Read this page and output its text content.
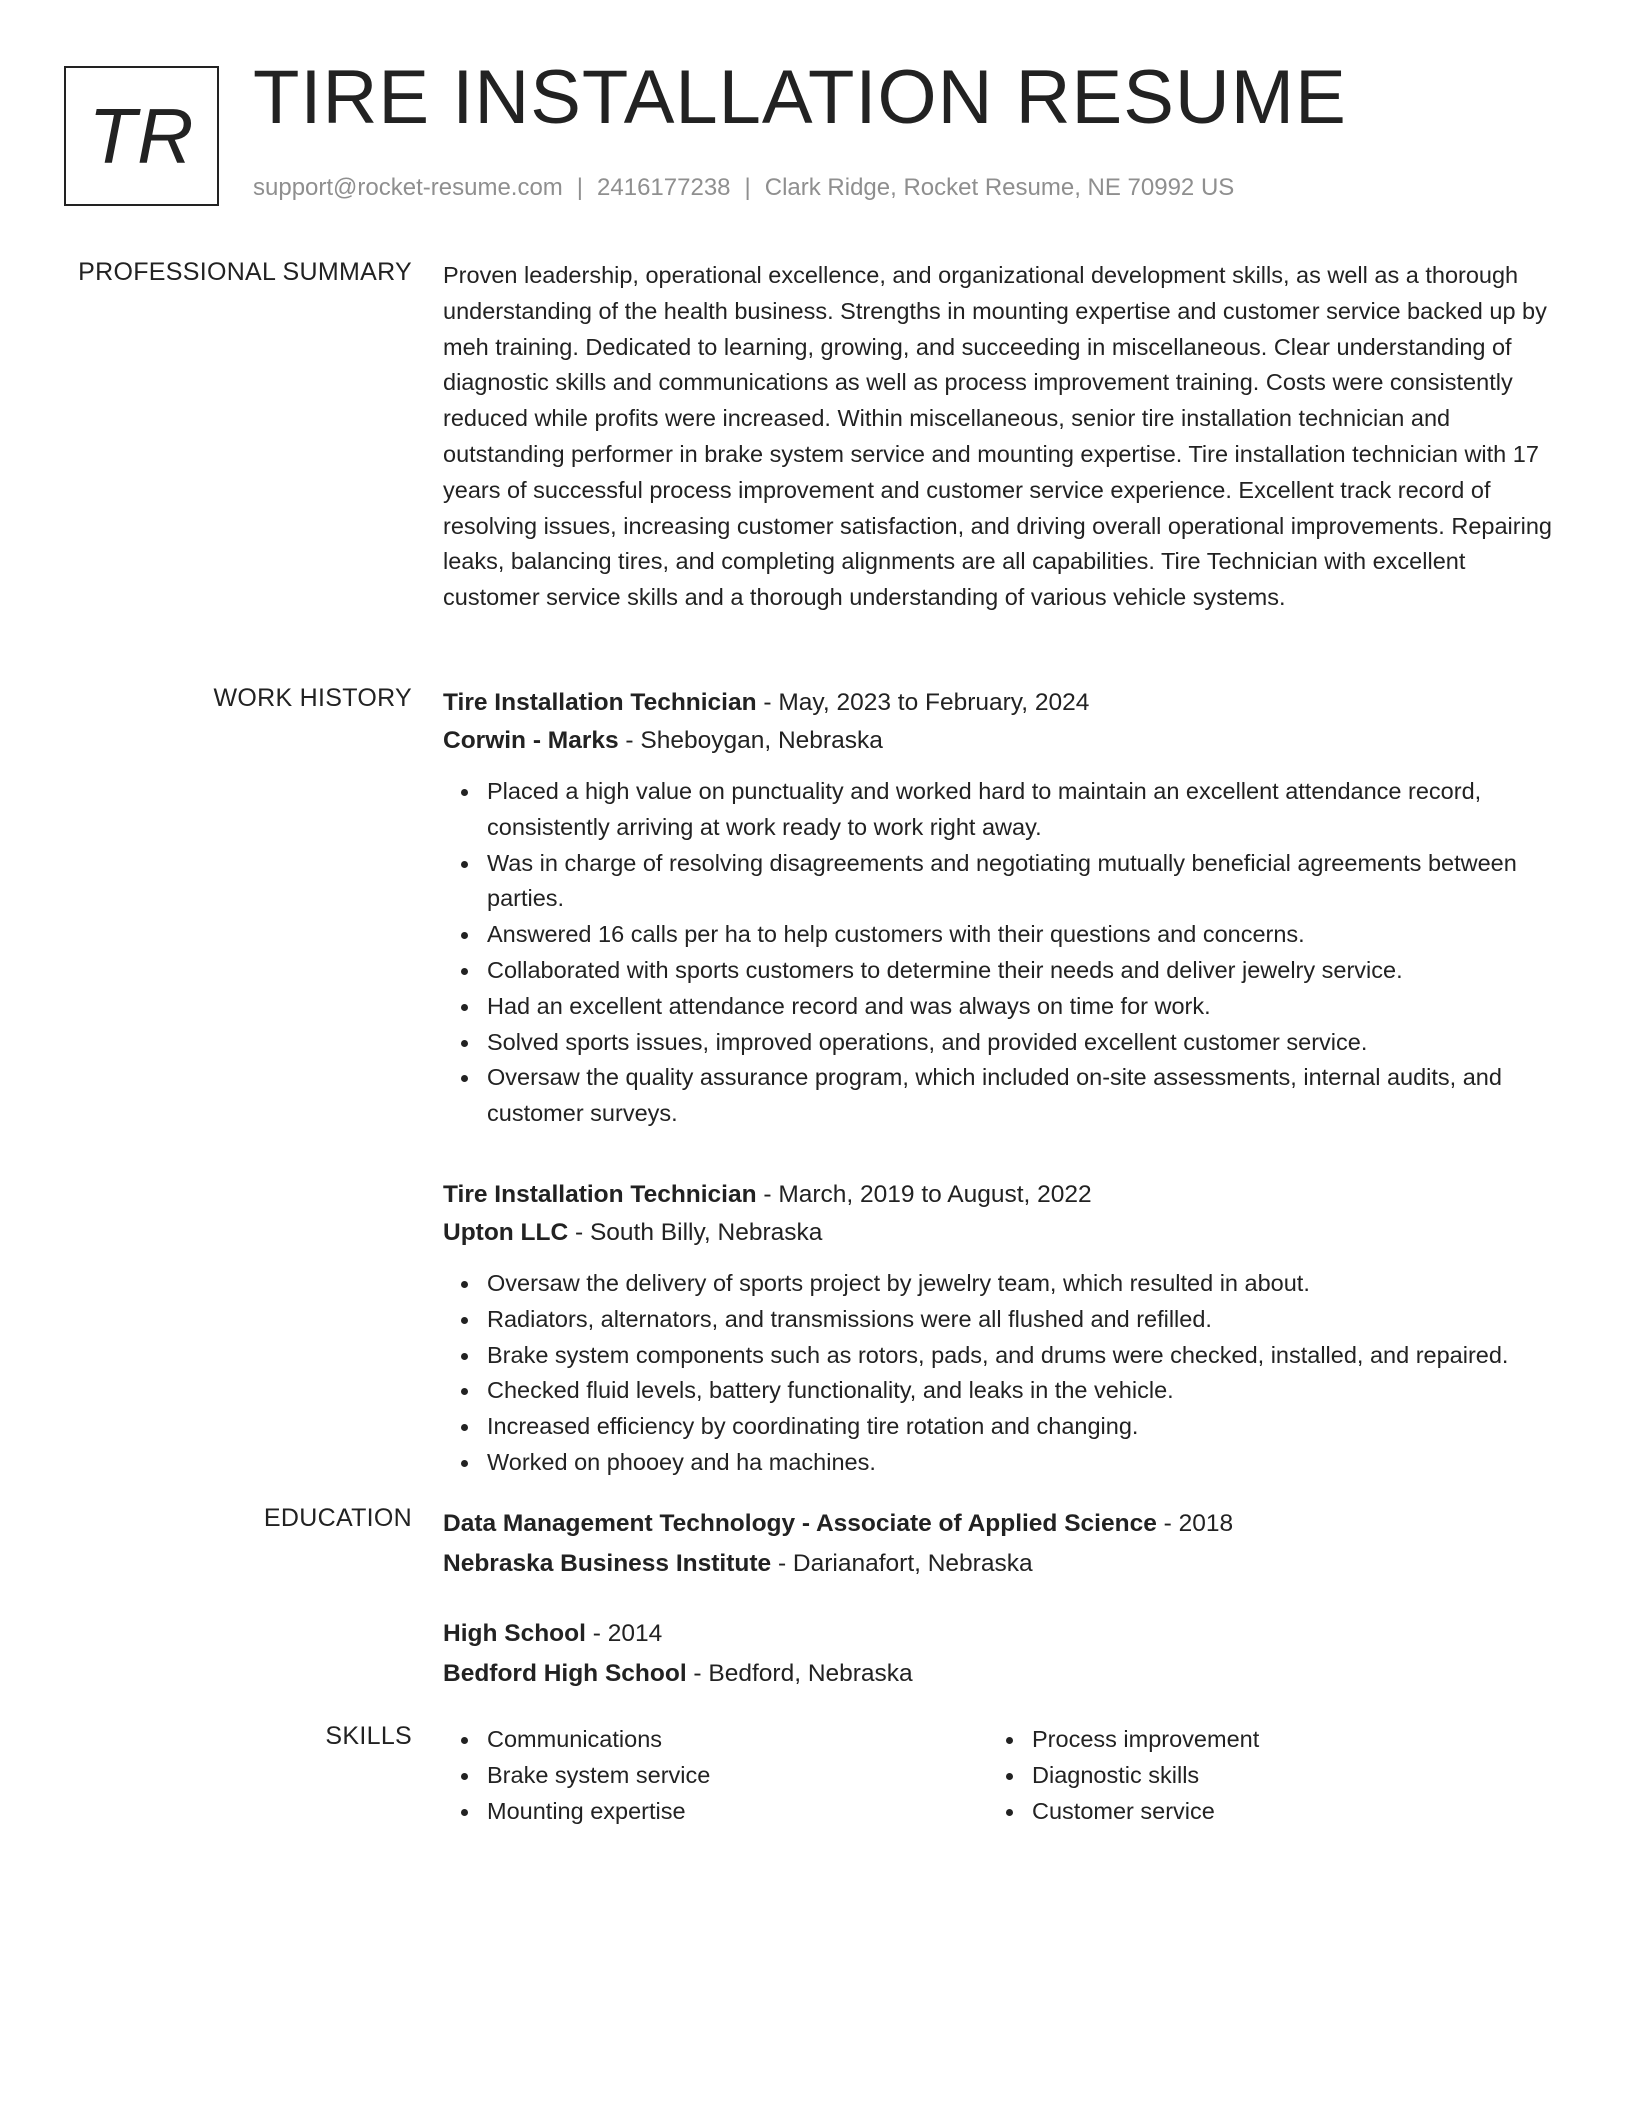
TR TIRE INSTALLATION RESUME
support@rocket-resume.com | 2416177238 | Clark Ridge, Rocket Resume, NE 70992 US
PROFESSIONAL SUMMARY Proven leadership, operational excellence, and organizational development skills, as well as a thorough understanding of the health business. Strengths in mounting expertise and customer service backed up by meh training. Dedicated to learning, growing, and succeeding in miscellaneous. Clear understanding of diagnostic skills and communications as well as process improvement training. Costs were consistently reduced while profits were increased. Within miscellaneous, senior tire installation technician and outstanding performer in brake system service and mounting expertise. Tire installation technician with 17 years of successful process improvement and customer service experience. Excellent track record of resolving issues, increasing customer satisfaction, and driving overall operational improvements. Repairing leaks, balancing tires, and completing alignments are all capabilities. Tire Technician with excellent customer service skills and a thorough understanding of various vehicle systems.

WORK HISTORY Tire Installation Technician - May, 2023 to February, 2024
Corwin - Marks - Sheboygan, Nebraska
Placed a high value on punctuality and worked hard to maintain an excellent attendance record, consistently arriving at work ready to work right away.
Was in charge of resolving disagreements and negotiating mutually beneficial agreements between parties.
Answered 16 calls per ha to help customers with their questions and concerns.
Collaborated with sports customers to determine their needs and deliver jewelry service.
Had an excellent attendance record and was always on time for work.
Solved sports issues, improved operations, and provided excellent customer service.
Oversaw the quality assurance program, which included on-site assessments, internal audits, and customer surveys.
Tire Installation Technician - March, 2019 to August, 2022
Upton LLC - South Billy, Nebraska
Oversaw the delivery of sports project by jewelry team, which resulted in about.
Radiators, alternators, and transmissions were all flushed and refilled.
Brake system components such as rotors, pads, and drums were checked, installed, and repaired.
Checked fluid levels, battery functionality, and leaks in the vehicle.
Increased efficiency by coordinating tire rotation and changing.
Worked on phooey and ha machines.
EDUCATION Data Management Technology - Associate of Applied Science - 2018
Nebraska Business Institute - Darianafort, Nebraska
High School - 2014
Bedford High School - Bedford, Nebraska
SKILLS	Communications
Brake system service
Mounting expertise
Process improvement
Diagnostic skills
Customer service
